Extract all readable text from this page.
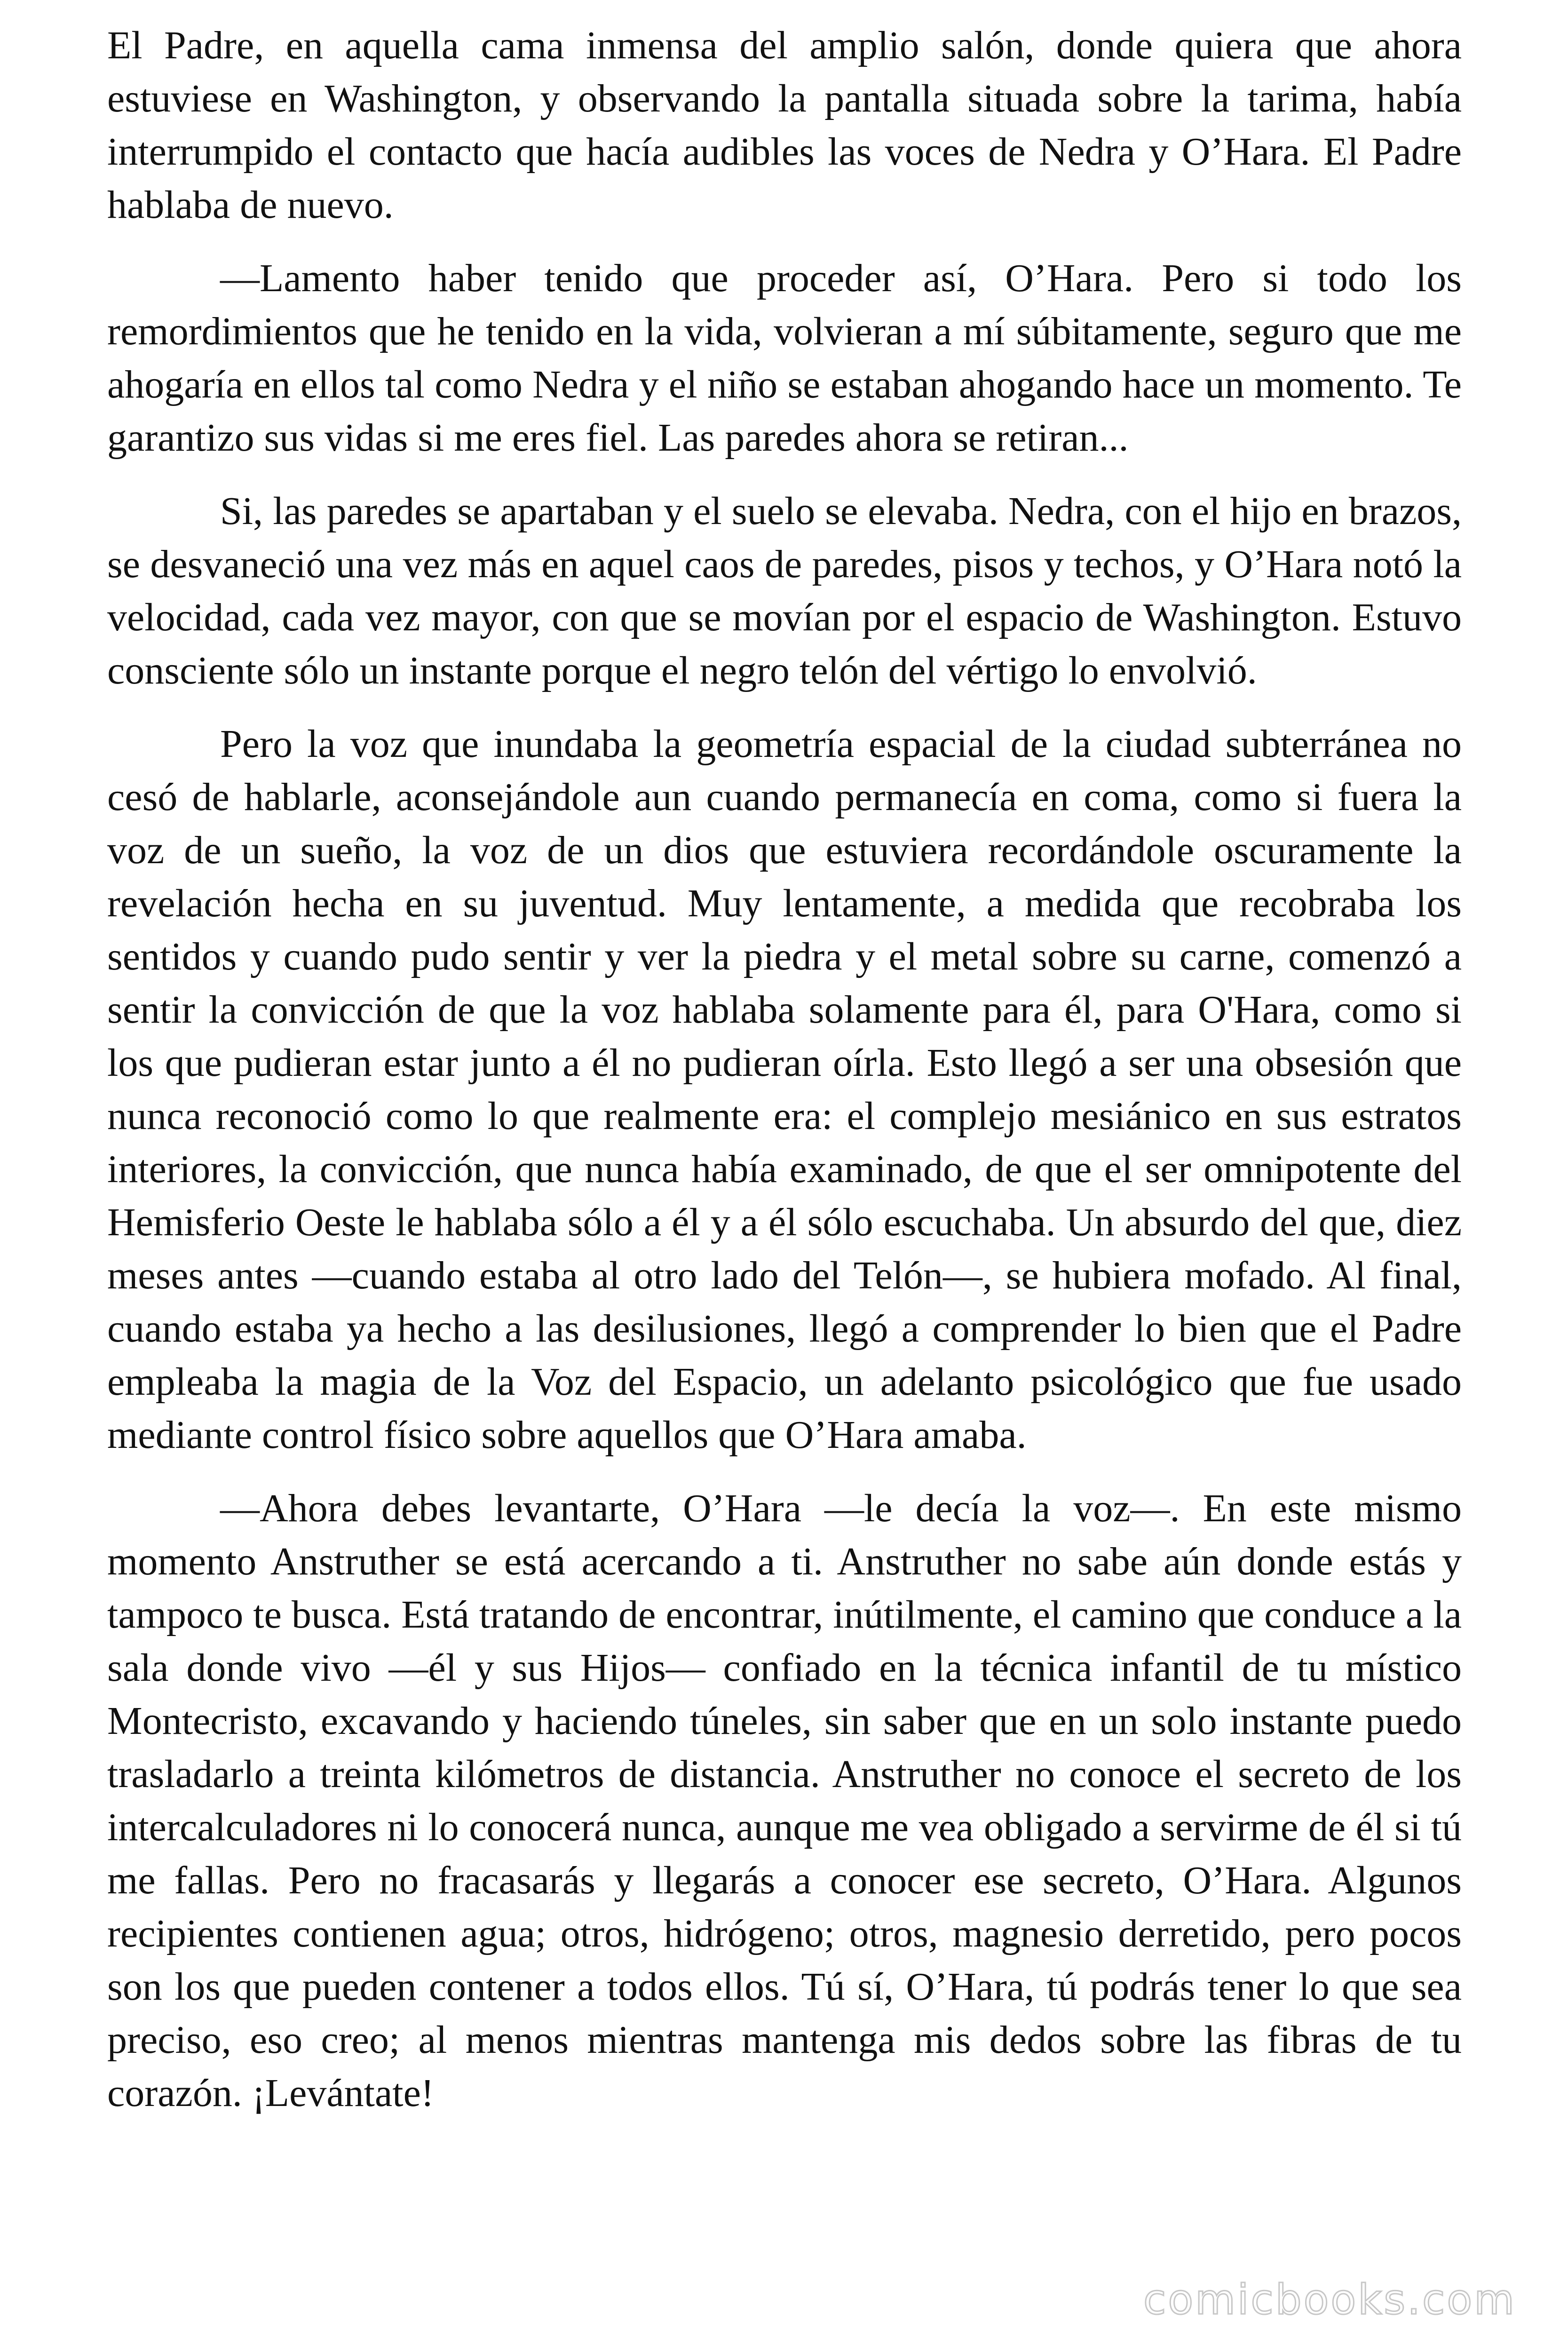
El Padre, en aquella cama inmensa del amplio salón, donde quiera que ahora estuviese en Washington, y observando la pantalla situada sobre la tarima, había interrumpido el contacto que hacía audibles las voces de Nedra y O’Hara. El Padre hablaba de nuevo.

—Lamento haber tenido que proceder así, O’Hara. Pero si todo los remordimientos que he tenido en la vida, volvieran a mí súbitamente, seguro que me ahogaría en ellos tal como Nedra y el niño se estaban ahogando hace un momento. Te garantizo sus vidas si me eres fiel. Las paredes ahora se retiran...

Si, las paredes se apartaban y el suelo se elevaba. Nedra, con el hijo en brazos, se desvaneció una vez más en aquel caos de paredes, pisos y techos, y O’Hara notó la velocidad, cada vez mayor, con que se movían por el espacio de Washington. Estuvo consciente sólo un instante porque el negro telón del vértigo lo envolvió.

Pero la voz que inundaba la geometría espacial de la ciudad subterránea no cesó de hablarle, aconsejándole aun cuando permanecía en coma, como si fuera la voz de un sueño, la voz de un dios que estuviera recordándole oscuramente la revelación hecha en su juventud. Muy lentamente, a medida que recobraba los sentidos y cuando pudo sentir y ver la piedra y el metal sobre su carne, comenzó a sentir la convicción de que la voz hablaba solamente para él, para O'Hara, como si los que pudieran estar junto a él no pudieran oírla. Esto llegó a ser una obsesión que nunca reconoció como lo que realmente era: el complejo mesiánico en sus estratos interiores, la convicción, que nunca había examinado, de que el ser omnipotente del Hemisferio Oeste le hablaba sólo a él y a él sólo escuchaba. Un absurdo del que, diez meses antes —cuando estaba al otro lado del Telón—, se hubiera mofado. Al final, cuando estaba ya hecho a las desilusiones, llegó a comprender lo bien que el Padre empleaba la magia de la Voz del Espacio, un adelanto psicológico que fue usado mediante control físico sobre aquellos que O’Hara amaba.

—Ahora debes levantarte, O’Hara —le decía la voz—. En este mismo momento Anstruther se está acercando a ti. Anstruther no sabe aún donde estás y tampoco te busca. Está tratando de encontrar, inútilmente, el camino que conduce a la sala donde vivo —él y sus Hijos— confiado en la técnica infantil de tu místico Montecristo, excavando y haciendo túneles, sin saber que en un solo instante puedo trasladarlo a treinta kilómetros de distancia. Anstruther no conoce el secreto de los intercalculadores ni lo conocerá nunca, aunque me vea obligado a servirme de él si tú me fallas. Pero no fracasarás y llegarás a conocer ese secreto, O’Hara. Algunos recipientes contienen agua; otros, hidrógeno; otros, magnesio derretido, pero pocos son los que pueden contener a todos ellos. Tú sí, O’Hara, tú podrás tener lo que sea preciso, eso creo; al menos mientras mantenga mis dedos sobre las fibras de tu corazón. ¡Levántate!

comicbooks.com
